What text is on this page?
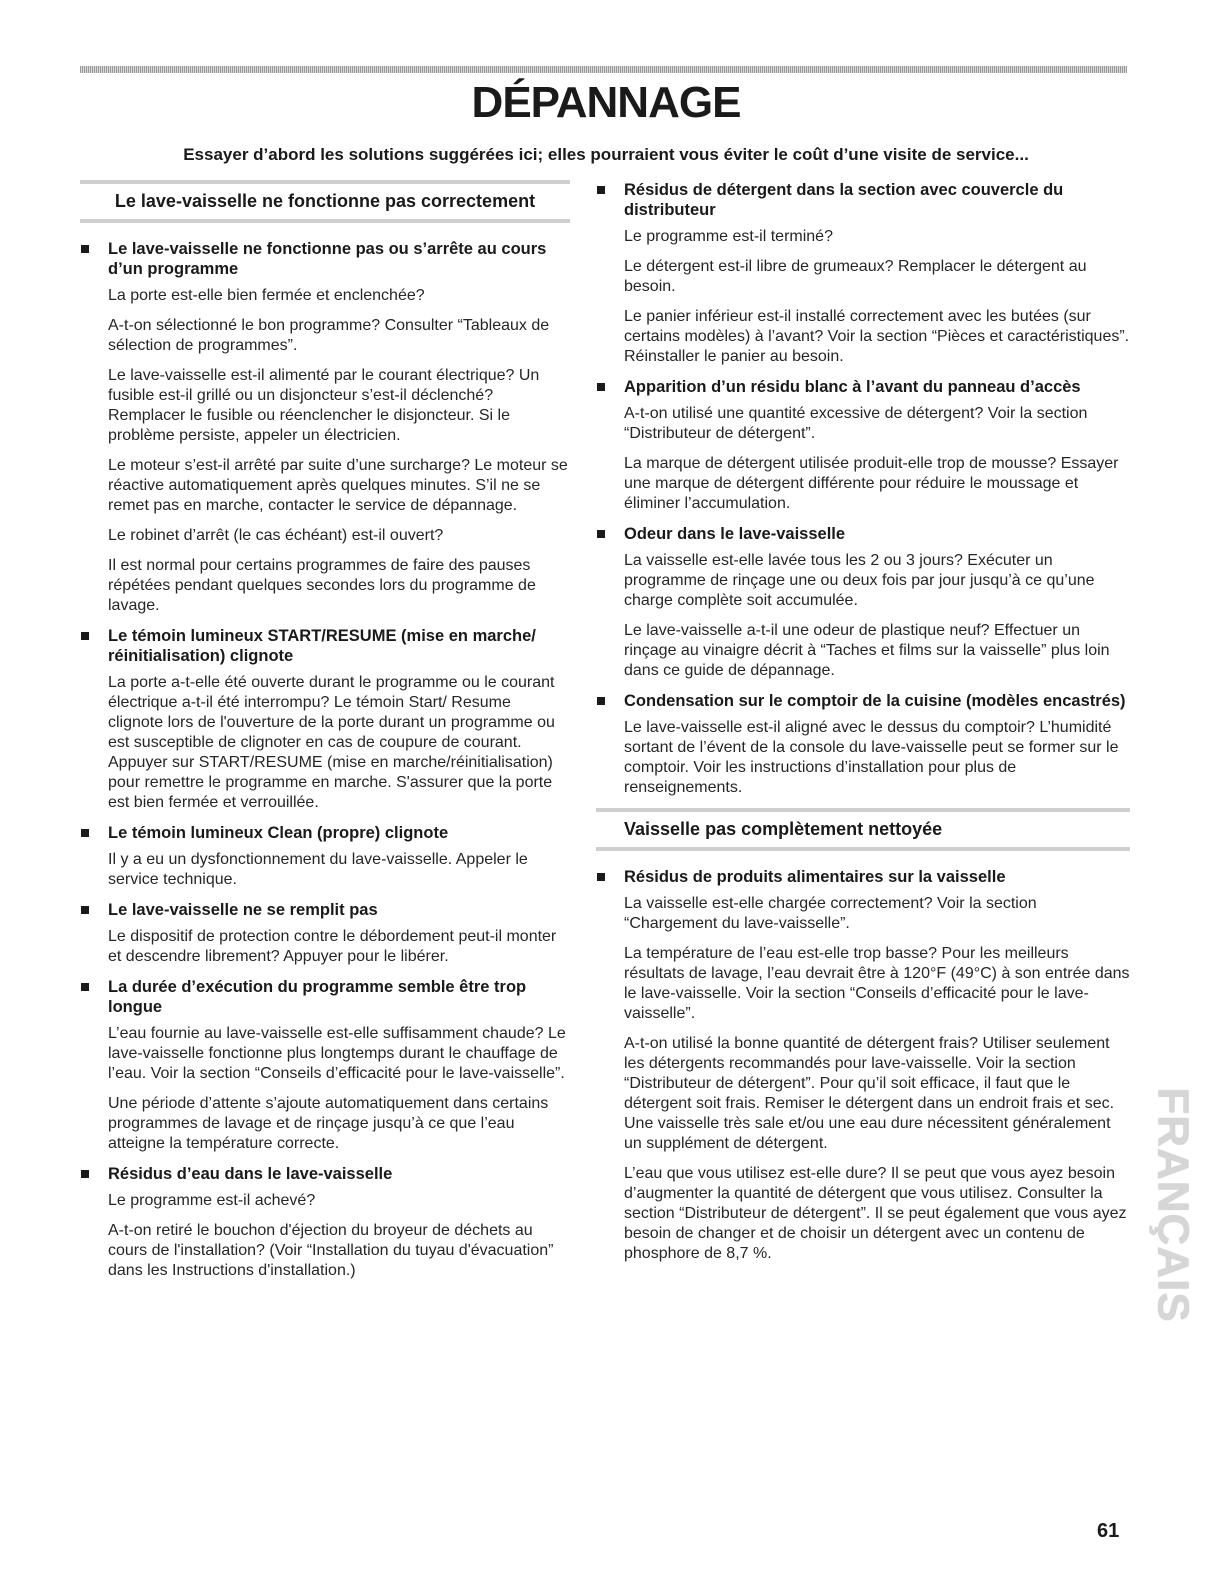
DÉPANNAGE

Essayer d’abord les solutions suggérées ici; elles pourraient vous éviter le coût d’une visite de service...

Le lave-vaisselle ne fonctionne pas correctement
Le lave-vaisselle ne fonctionne pas ou s’arrête au cours d’un programme

La porte est-elle bien fermée et enclenchée?

A-t-on sélectionné le bon programme? Consulter “Tableaux de sélection de programmes”.

Le lave-vaisselle est-il alimenté par le courant électrique? Un fusible est-il grillé ou un disjoncteur s’est-il déclenché? Remplacer le fusible ou réenclencher le disjoncteur. Si le problème persiste, appeler un électricien.

Le moteur s’est-il arrêté par suite d’une surcharge? Le moteur se réactive automatiquement après quelques minutes. S’il ne se remet pas en marche, contacter le service de dépannage.

Le robinet d’arrêt (le cas échéant) est-il ouvert?

Il est normal pour certains programmes de faire des pauses répétées pendant quelques secondes lors du programme de lavage.

Le témoin lumineux START/RESUME (mise en marche/ réinitialisation) clignote

La porte a-t-elle été ouverte durant le programme ou le courant électrique a-t-il été interrompu? Le témoin Start/ Resume clignote lors de l'ouverture de la porte durant un programme ou est susceptible de clignoter en cas de coupure de courant. Appuyer sur START/RESUME (mise en marche/réinitialisation) pour remettre le programme en marche. S'assurer que la porte est bien fermée et verrouillée.

Le témoin lumineux Clean (propre) clignote

Il y a eu un dysfonctionnement du lave-vaisselle. Appeler le service technique.

Le lave-vaisselle ne se remplit pas

Le dispositif de protection contre le débordement peut-il monter et descendre librement? Appuyer pour le libérer.

La durée d’exécution du programme semble être trop longue

L’eau fournie au lave-vaisselle est-elle suffisamment chaude? Le lave-vaisselle fonctionne plus longtemps durant le chauffage de l’eau. Voir la section “Conseils d’efficacité pour le lave-vaisselle”.

Une période d’attente s’ajoute automatiquement dans certains programmes de lavage et de rinçage jusqu’à ce que l’eau atteigne la température correcte.

Résidus d’eau dans le lave-vaisselle

Le programme est-il achevé?

A-t-on retiré le bouchon d'éjection du broyeur de déchets au cours de l'installation? (Voir “Installation du tuyau d'évacuation” dans les Instructions d'installation.)

Résidus de détergent dans la section avec couvercle du distributeur

Le programme est-il terminé?

Le détergent est-il libre de grumeaux? Remplacer le détergent au besoin.

Le panier inférieur est-il installé correctement avec les butées (sur certains modèles) à l’avant? Voir la section “Pièces et caractéristiques”. Réinstaller le panier au besoin.

Apparition d’un résidu blanc à l’avant du panneau d’accès

A-t-on utilisé une quantité excessive de détergent? Voir la section “Distributeur de détergent”.

La marque de détergent utilisée produit-elle trop de mousse? Essayer une marque de détergent différente pour réduire le moussage et éliminer l’accumulation.

Odeur dans le lave-vaisselle

La vaisselle est-elle lavée tous les 2 ou 3 jours? Exécuter un programme de rinçage une ou deux fois par jour jusqu’à ce qu’une charge complète soit accumulée.

Le lave-vaisselle a-t-il une odeur de plastique neuf? Effectuer un rinçage au vinaigre décrit à “Taches et films sur la vaisselle” plus loin dans ce guide de dépannage.

Condensation sur le comptoir de la cuisine (modèles encastrés)

Le lave-vaisselle est-il aligné avec le dessus du comptoir? L’humidité sortant de l’évent de la console du lave-vaisselle peut se former sur le comptoir. Voir les instructions d’installation pour plus de renseignements.

Vaisselle pas complètement nettoyée
Résidus de produits alimentaires sur la vaisselle

La vaisselle est-elle chargée correctement? Voir la section “Chargement du lave-vaisselle”.

La température de l’eau est-elle trop basse? Pour les meilleurs résultats de lavage, l’eau devrait être à 120°F (49°C) à son entrée dans le lave-vaisselle. Voir la section “Conseils d’efficacité pour le lave-vaisselle”.

A-t-on utilisé la bonne quantité de détergent frais? Utiliser seulement les détergents recommandés pour lave-vaisselle. Voir la section “Distributeur de détergent”. Pour qu’il soit efficace, il faut que le détergent soit frais. Remiser le détergent dans un endroit frais et sec. Une vaisselle très sale et/ou une eau dure nécessitent généralement un supplément de détergent.

L’eau que vous utilisez est-elle dure? Il se peut que vous ayez besoin d’augmenter la quantité de détergent que vous utilisez. Consulter la section “Distributeur de détergent”. Il se peut également que vous ayez besoin de changer et de choisir un détergent avec un contenu de phosphore de 8,7 %.	FRANÇAIS
61
